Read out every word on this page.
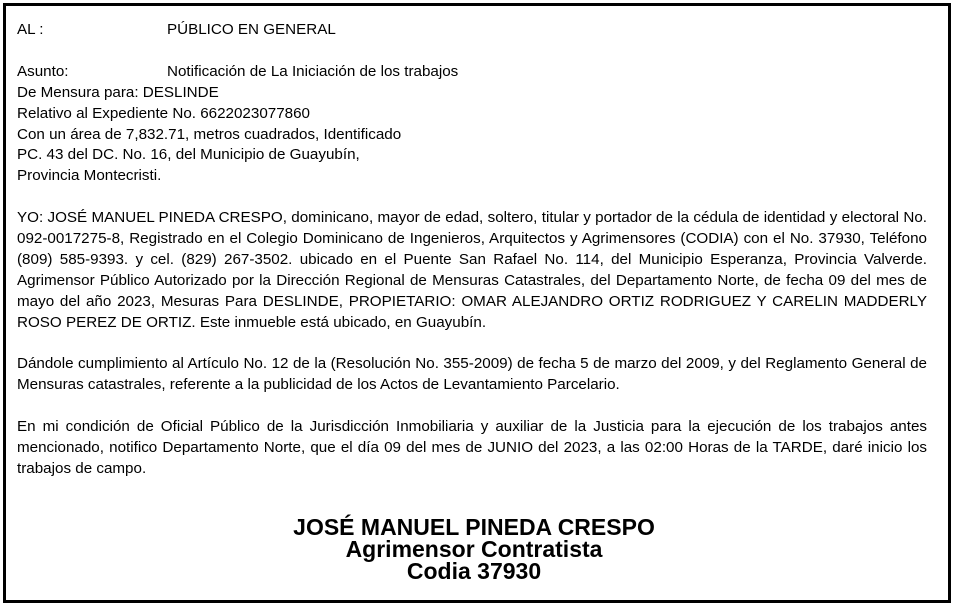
AL :	PÚBLICO EN GENERAL
Asunto:	Notificación de La Iniciación de los trabajos
De Mensura para: DESLINDE
Relativo al Expediente No. 6622023077860
Con un área de 7,832.71, metros cuadrados, Identificado
PC. 43 del DC. No. 16, del Municipio de Guayubín,
Provincia Montecristi.
YO: JOSÉ MANUEL PINEDA CRESPO, dominicano, mayor de edad, soltero, titular y portador de la cédula de identidad y electoral No. 092-0017275-8, Registrado en el Colegio Dominicano de Ingenieros, Arquitectos y Agrimensores (CODIA) con el No. 37930, Teléfono (809) 585-9393. y cel. (829) 267-3502. ubicado en el Puente San Rafael No. 114, del Municipio Esperanza, Provincia Valverde. Agrimensor Público Autorizado por la Dirección Regional de Mensuras Catastrales, del Departamento Norte, de fecha 09 del mes de mayo del año 2023, Mesuras Para DESLINDE, PROPIETARIO: OMAR ALEJANDRO ORTIZ RODRIGUEZ Y CARELIN MADDERLY ROSO PEREZ DE ORTIZ. Este inmueble está ubicado, en Guayubín.
Dándole cumplimiento al Artículo No. 12 de la (Resolución No. 355-2009) de fecha 5 de marzo del 2009, y del Reglamento General de Mensuras catastrales, referente a la publicidad de los Actos de Levantamiento Parcelario.
En mi condición de Oficial Público de la Jurisdicción Inmobiliaria y auxiliar de la Justicia para la ejecución de los trabajos antes mencionado, notifico Departamento Norte, que el día 09 del mes de JUNIO del 2023, a las 02:00 Horas de la TARDE, daré inicio los trabajos de campo.
JOSÉ MANUEL PINEDA CRESPO
Agrimensor Contratista
Codia 37930
